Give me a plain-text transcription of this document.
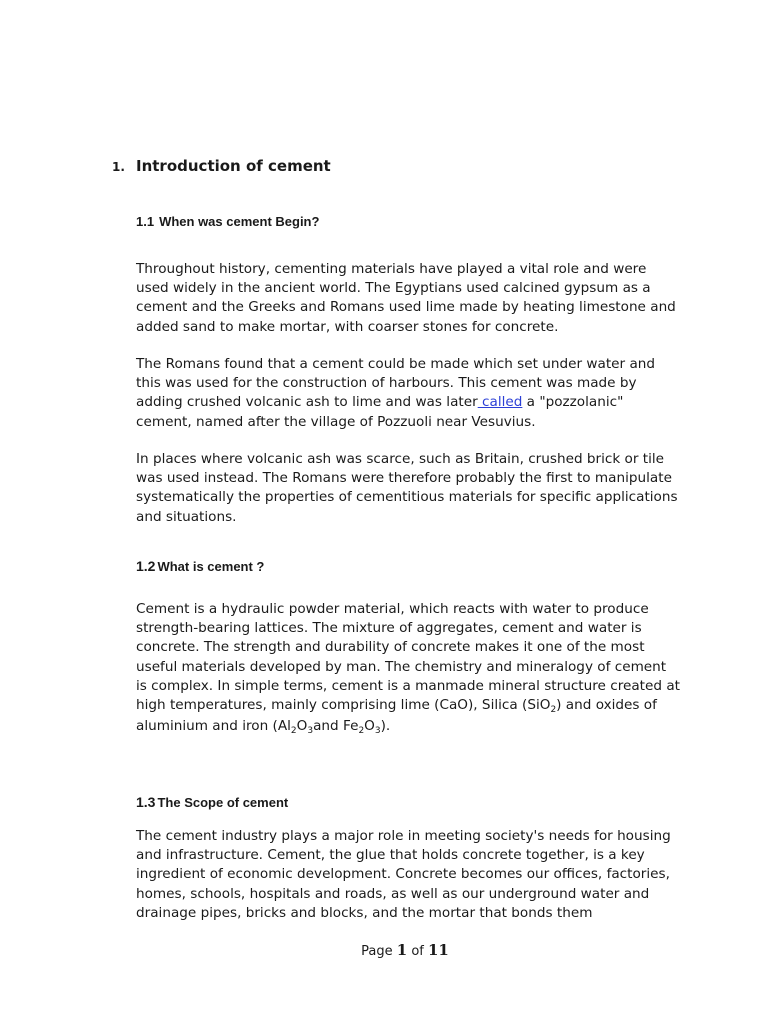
1. Introduction of cement
1.1 When was cement Begin?

Throughout history, cementing materials have played a vital role and were used widely in the ancient world. The Egyptians used calcined gypsum as a cement and the Greeks and Romans used lime made by heating limestone and added sand to make mortar, with coarser stones for concrete.

The Romans found that a cement could be made which set under water and this was used for the construction of harbours. This cement was made by adding crushed volcanic ash to lime and was later called a "pozzolanic" cement, named after the village of Pozzuoli near Vesuvius.

In places where volcanic ash was scarce, such as Britain, crushed brick or tile was used instead. The Romans were therefore probably the first to manipulate systematically the properties of cementitious materials for specific applications and situations.

1.2 What is cement ?

Cement is a hydraulic powder material, which reacts with water to produce strength-bearing lattices. The mixture of aggregates, cement and water is concrete. The strength and durability of concrete makes it one of the most useful materials developed by man. The chemistry and mineralogy of cement is complex. In simple terms, cement is a manmade mineral structure created at high temperatures, mainly comprising lime (CaO), Silica (SiO$_2$) and oxides of aluminium and iron ($Al_2O_3and$ $Fe_2O_3$).

1.3 The Scope of cement

The cement industry plays a major role in meeting society's needs for housing and infrastructure. Cement, the glue that holds concrete together, is a key ingredient of economic development. Concrete becomes our offices, factories, homes, schools, hospitals and roads, as well as our underground water and drainage pipes, bricks and blocks, and the mortar that bonds them

Page 1 of 11
